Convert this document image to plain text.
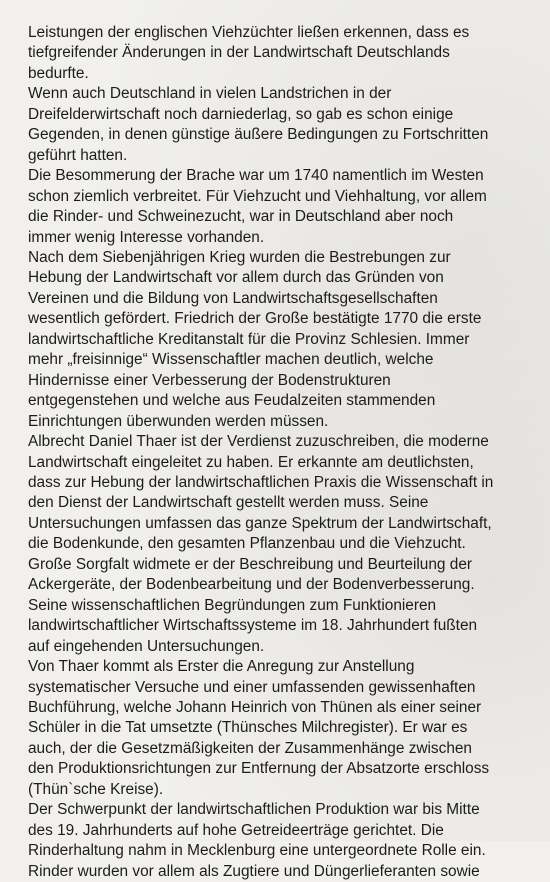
Leistungen der englischen Viehzüchter ließen erkennen, dass es
tiefgreifender Änderungen in der Landwirtschaft Deutschlands
bedurfte.
Wenn auch Deutschland in vielen Landstrichen in der
Dreifelderwirtschaft noch darniederlag, so gab es schon einige
Gegenden, in denen günstige äußere Bedingungen zu Fortschritten
geführt hatten.
Die Besommerung der Brache war um 1740 namentlich im Westen
schon ziemlich verbreitet. Für Viehzucht und Viehhaltung, vor allem
die Rinder- und Schweinezucht, war in Deutschland aber noch
immer wenig Interesse vorhanden.
Nach dem Siebenjährigen Krieg wurden die Bestrebungen zur
Hebung der Landwirtschaft vor allem durch das Gründen von
Vereinen und die Bildung von Landwirtschaftsgesellschaften
wesentlich gefördert. Friedrich der Große bestätigte 1770 die erste
landwirtschaftliche Kreditanstalt für die Provinz Schlesien. Immer
mehr „freisinnige“ Wissenschaftler machen deutlich, welche
Hindernisse einer Verbesserung der Bodenstrukturen
entgegenstehen und welche aus Feudalzeiten stammenden
Einrichtungen überwunden werden müssen.
Albrecht Daniel Thaer ist der Verdienst zuzuschreiben, die moderne
Landwirtschaft eingeleitet zu haben. Er erkannte am deutlichsten,
dass zur Hebung der landwirtschaftlichen Praxis die Wissenschaft in
den Dienst der Landwirtschaft gestellt werden muss. Seine
Untersuchungen umfassen das ganze Spektrum der Landwirtschaft,
die Bodenkunde, den gesamten Pflanzenbau und die Viehzucht.
Große Sorgfalt widmete er der Beschreibung und Beurteilung der
Ackergeräte, der Bodenbearbeitung und der Bodenverbesserung.
Seine wissenschaftlichen Begründungen zum Funktionieren
landwirtschaftlicher Wirtschaftssysteme im 18. Jahrhundert fußten
auf eingehenden Untersuchungen.
Von Thaer kommt als Erster die Anregung zur Anstellung
systematischer Versuche und einer umfassenden gewissenhaften
Buchführung, welche Johann Heinrich von Thünen als einer seiner
Schüler in die Tat umsetzte (Thünsches Milchregister). Er war es
auch, der die Gesetzmäßigkeiten der Zusammenhänge zwischen
den Produktionsrichtungen zur Entfernung der Absatzorte erschloss
(Thün`sche Kreise).
Der Schwerpunkt der landwirtschaftlichen Produktion war bis Mitte
des 19. Jahrhunderts auf hohe Getreideerträge gerichtet. Die
Rinderhaltung nahm in Mecklenburg eine untergeordnete Rolle ein.
Rinder wurden vor allem als Zugtiere und Düngerlieferanten sowie
